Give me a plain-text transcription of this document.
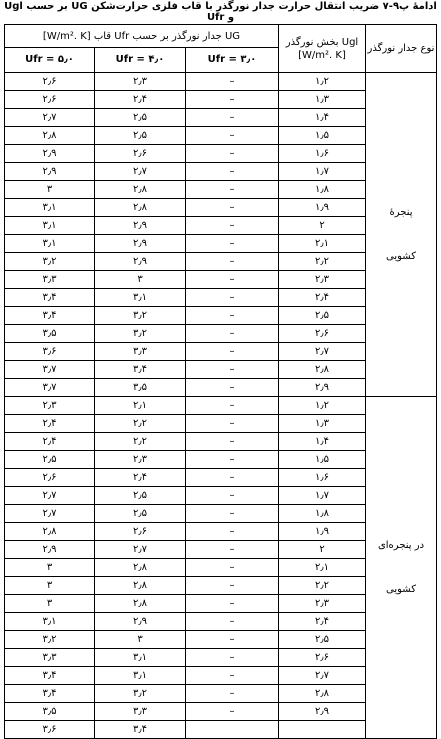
ادامهٔ پ۹-۷ ضریب انتقال حرارت جدار نورگذر با قاب فلزی حرارت‌شکن UG بر حسب Ugl و Ufr
نوع جدار نورگذر	Ugl بخش نورگذر [W/m². K]	UG جدار نورگذر بر حسب Ufr قاب [W/m². K]		
		Ufr = ۳٫۰	Ufr = ۴٫۰	Ufr = ۵٫۰

پنجرهٔ
کشویی	۱٫۲	–	۲٫۳	۲٫۶
	۱٫۳	–	۲٫۴	۲٫۶
	۱٫۴	–	۲٫۵	۲٫۷
	۱٫۵	–	۲٫۵	۲٫۸
	۱٫۶	–	۲٫۶	۲٫۹
	۱٫۷	–	۲٫۷	۲٫۹
	۱٫۸	–	۲٫۸	۳
	۱٫۹	–	۲٫۸	۳٫۱
	۲	–	۲٫۹	۳٫۱
	۲٫۱	–	۲٫۹	۳٫۱
	۲٫۲	–	۲٫۹	۳٫۲
	۲٫۳	–	۳	۳٫۳
	۲٫۴	–	۳٫۱	۳٫۴
	۲٫۵	–	۳٫۲	۳٫۴
	۲٫۶	–	۳٫۲	۳٫۵
	۲٫۷	–	۳٫۳	۳٫۶
	۲٫۸	–	۳٫۴	۳٫۷
	۲٫۹	–	۳٫۵	۳٫۷

در پنجره‌ای
کشویی	۱٫۲	–	۲٫۱	۲٫۳
	۱٫۳	–	۲٫۲	۲٫۴
	۱٫۴	–	۲٫۲	۲٫۴
	۱٫۵	–	۲٫۳	۲٫۵
	۱٫۶	–	۲٫۴	۲٫۶
	۱٫۷	–	۲٫۵	۲٫۷
	۱٫۸	–	۲٫۵	۲٫۷
	۱٫۹	–	۲٫۶	۲٫۸
	۲	–	۲٫۷	۲٫۹
	۲٫۱	–	۲٫۸	۳
	۲٫۲	–	۲٫۸	۳
	۲٫۳	–	۲٫۸	۳
	۲٫۴	–	۲٫۹	۳٫۱
	۲٫۵	–	۳	۳٫۲
	۲٫۶	–	۳٫۱	۳٫۳
	۲٫۷	–	۳٫۱	۳٫۴
	۲٫۸	–	۳٫۲	۳٫۴
	۲٫۹	–	۳٫۳	۳٫۵
			۳٫۴	۳٫۶
